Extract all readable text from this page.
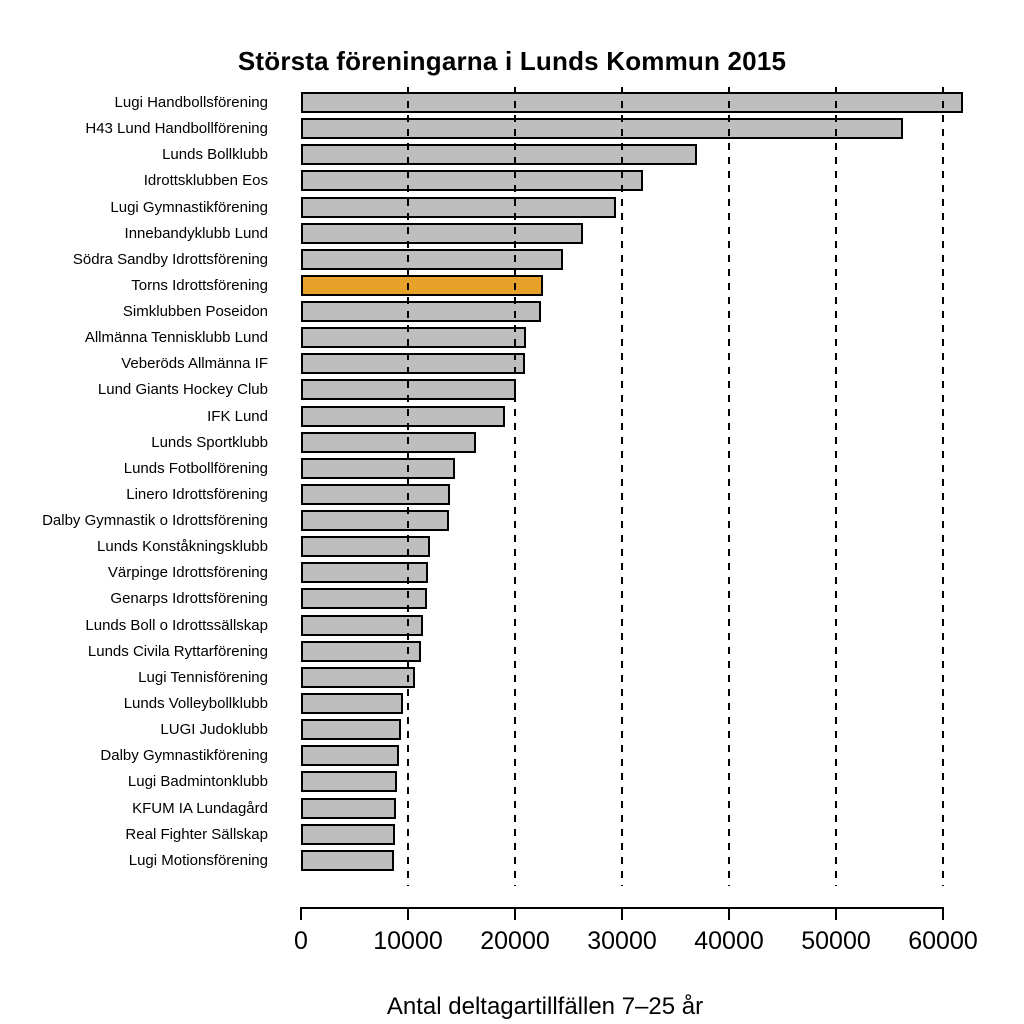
Största föreningarna i Lunds Kommun 2015
Lugi Handbollsförening
H43 Lund Handbollförening
Lunds Bollklubb
Idrottsklubben Eos
Lugi Gymnastikförening
Innebandyklubb Lund
Södra Sandby Idrottsförening
Torns Idrottsförening
Simklubben Poseidon
Allmänna Tennisklubb Lund
Veberöds Allmänna IF
Lund Giants Hockey Club
IFK Lund
Lunds Sportklubb
Lunds Fotbollförening
Linero Idrottsförening
Dalby Gymnastik o Idrottsförening
Lunds Konståkningsklubb
Värpinge Idrottsförening
Genarps Idrottsförening
Lunds Boll o Idrottssällskap
Lunds Civila Ryttarförening
Lugi Tennisförening
Lunds Volleybollklubb
LUGI Judoklubb
Dalby Gymnastikförening
Lugi Badmintonklubb
KFUM IA Lundagård
Real Fighter Sällskap
Lugi Motionsförening
0	10000	20000	30000	40000	50000	60000
Antal deltagartillfällen 7–25 år
